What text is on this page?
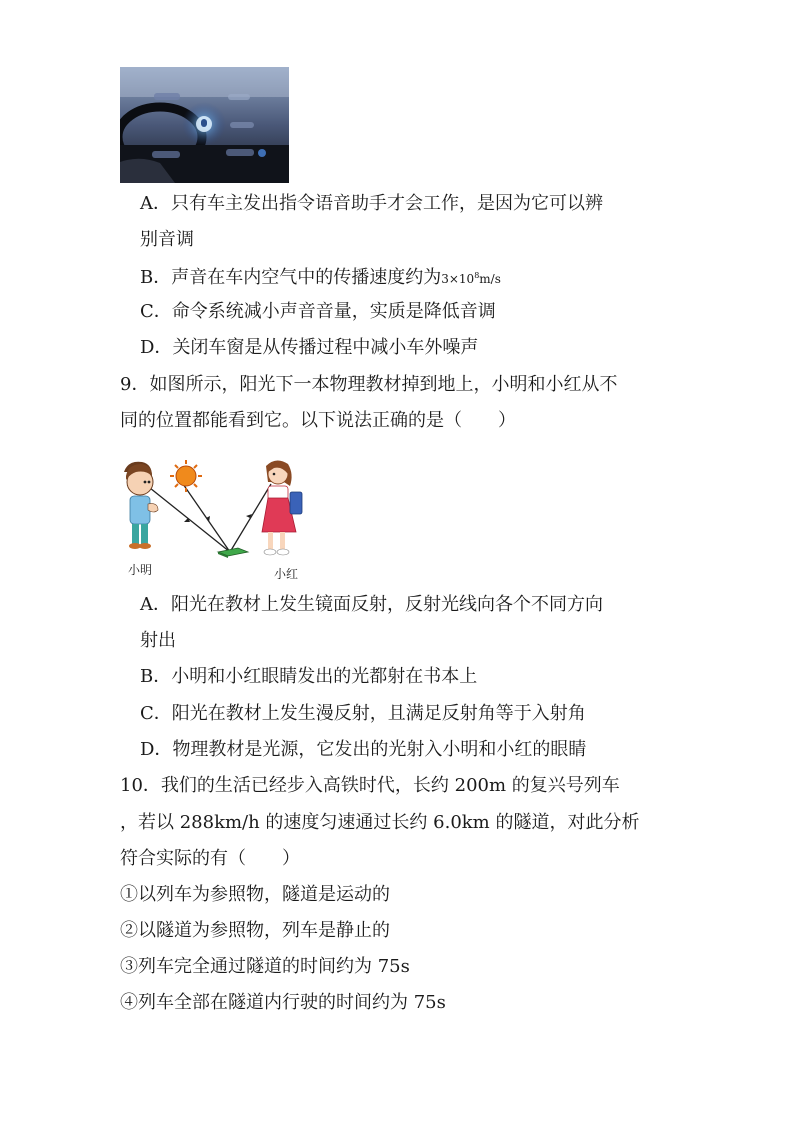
A．只有车主发出指令语音助手才会工作，是因为它可以辨
别音调
B．声音在车内空气中的传播速度约为$3\times 10^8m/s$
C．命令系统减小声音音量，实质是降低音调
D．关闭车窗是从传播过程中减小车外噪声
9．如图所示，阳光下一本物理教材掉到地上，小明和小红从不
同的位置都能看到它。以下说法正确的是（　　）
小明	小红
A．阳光在教材上发生镜面反射，反射光线向各个不同方向
射出
B．小明和小红眼睛发出的光都射在书本上
C．阳光在教材上发生漫反射，且满足反射角等于入射角
D．物理教材是光源，它发出的光射入小明和小红的眼睛
10．我们的生活已经步入高铁时代，长约 200m 的复兴号列车
，若以 288km/h 的速度匀速通过长约 6.0km 的隧道，对此分析
符合实际的有（　　）
①以列车为参照物，隧道是运动的
②以隧道为参照物，列车是静止的
③列车完全通过隧道的时间约为 75s
④列车全部在隧道内行驶的时间约为 75s
